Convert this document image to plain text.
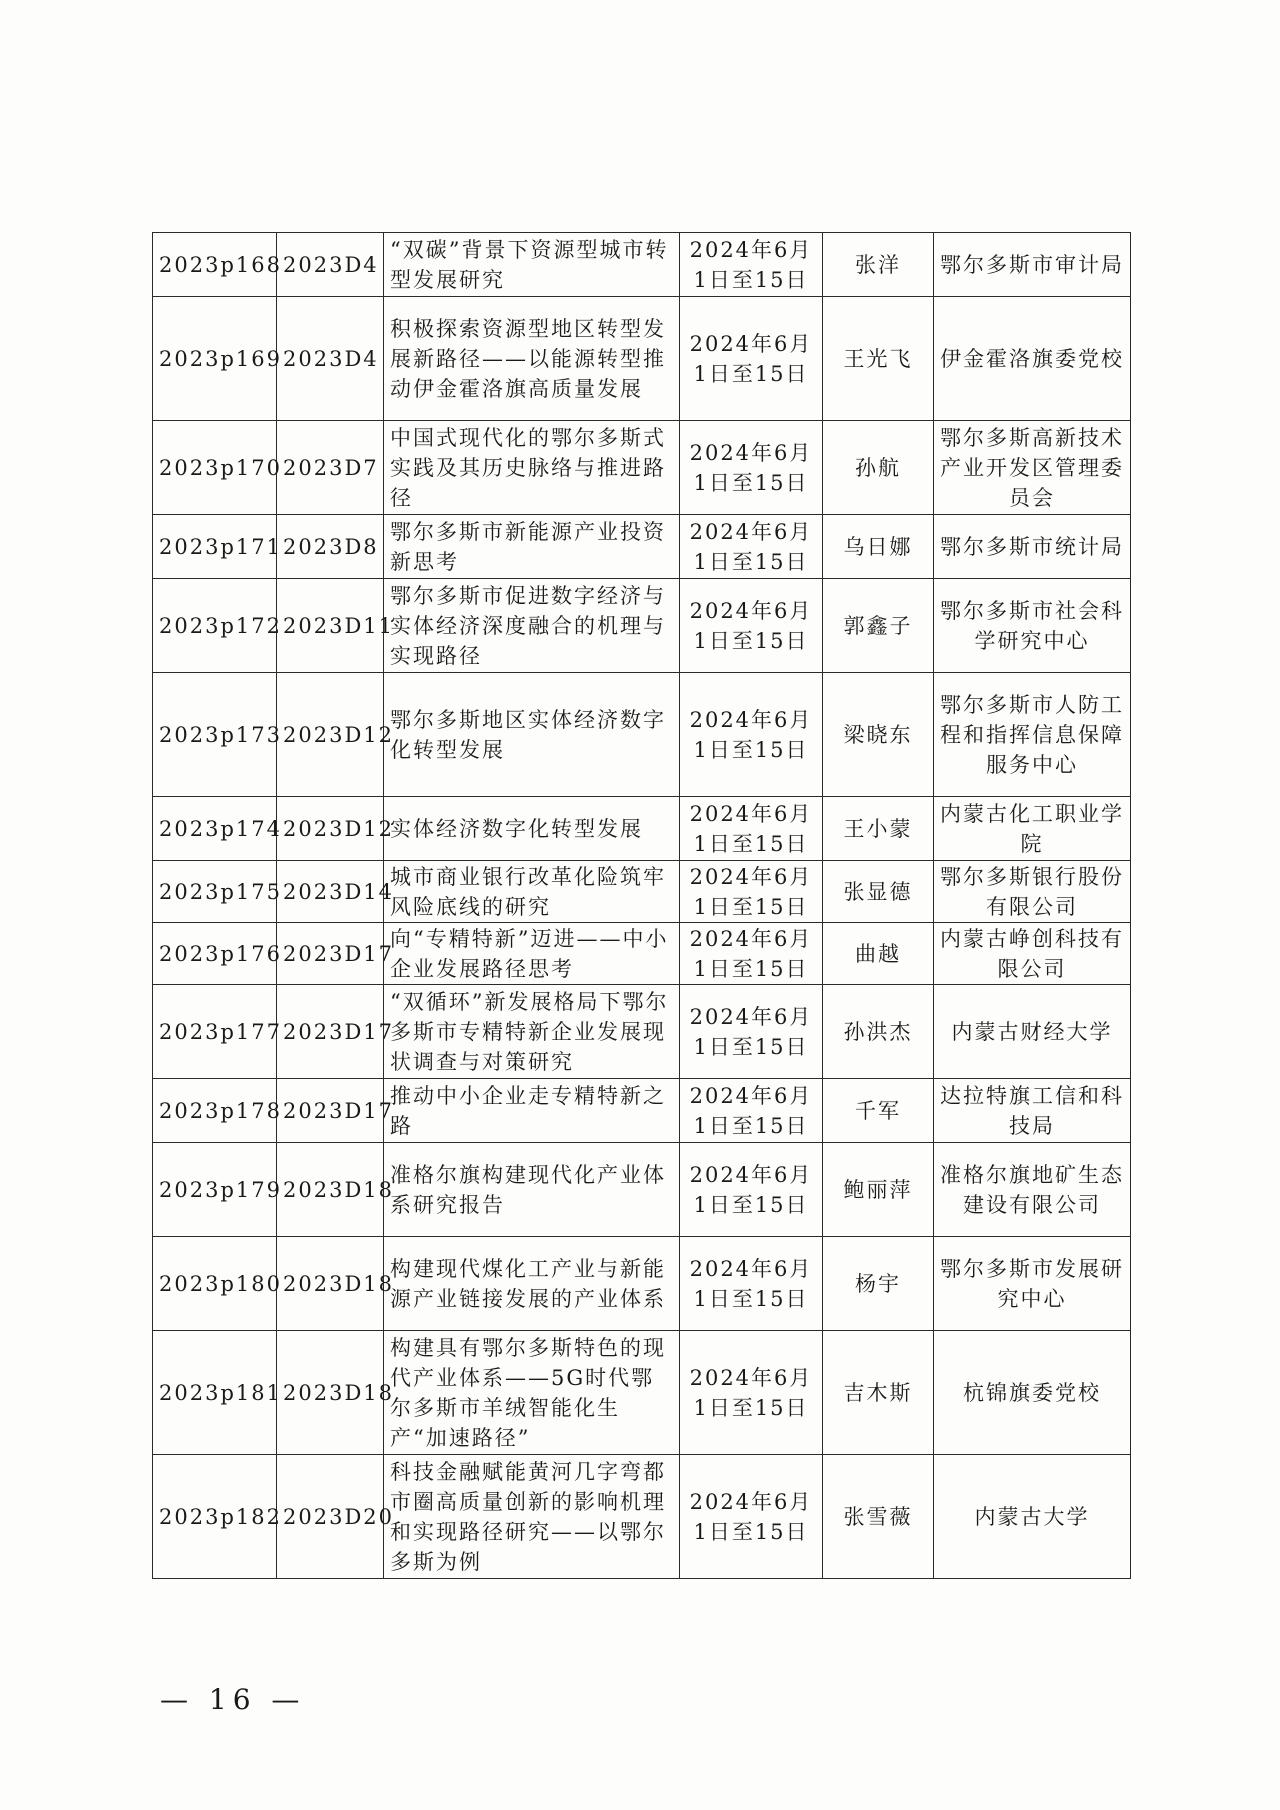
2023p168	2023D4	“双碳”背景下资源型城市转型发展研究	2024年6月1日至15日	张洋	鄂尔多斯市审计局
2023p169	2023D4	积极探索资源型地区转型发展新路径——以能源转型推动伊金霍洛旗高质量发展	2024年6月1日至15日	王光飞	伊金霍洛旗委党校
2023p170	2023D7	中国式现代化的鄂尔多斯式实践及其历史脉络与推进路径	2024年6月1日至15日	孙航	鄂尔多斯高新技术产业开发区管理委员会
2023p171	2023D8	鄂尔多斯市新能源产业投资新思考	2024年6月1日至15日	乌日娜	鄂尔多斯市统计局
2023p172	2023D11	鄂尔多斯市促进数字经济与实体经济深度融合的机理与实现路径	2024年6月1日至15日	郭鑫子	鄂尔多斯市社会科学研究中心
2023p173	2023D12	鄂尔多斯地区实体经济数字化转型发展	2024年6月1日至15日	梁晓东	鄂尔多斯市人防工程和指挥信息保障服务中心
2023p174	2023D12	实体经济数字化转型发展	2024年6月1日至15日	王小蒙	内蒙古化工职业学院
2023p175	2023D14	城市商业银行改革化险筑牢风险底线的研究	2024年6月1日至15日	张显德	鄂尔多斯银行股份有限公司
2023p176	2023D17	向“专精特新”迈进——中小企业发展路径思考	2024年6月1日至15日	曲越	内蒙古峥创科技有限公司
2023p177	2023D17	“双循环”新发展格局下鄂尔多斯市专精特新企业发展现状调查与对策研究	2024年6月1日至15日	孙洪杰	内蒙古财经大学
2023p178	2023D17	推动中小企业走专精特新之路	2024年6月1日至15日	千军	达拉特旗工信和科技局
2023p179	2023D18	准格尔旗构建现代化产业体系研究报告	2024年6月1日至15日	鲍丽萍	准格尔旗地矿生态建设有限公司
2023p180	2023D18	构建现代煤化工产业与新能源产业链接发展的产业体系	2024年6月1日至15日	杨宇	鄂尔多斯市发展研究中心
2023p181	2023D18	构建具有鄂尔多斯特色的现代产业体系——5G时代鄂尔多斯市羊绒智能化生产“加速路径”	2024年6月1日至15日	吉木斯	杭锦旗委党校
2023p182	2023D20	科技金融赋能黄河几字弯都市圈高质量创新的影响机理和实现路径研究——以鄂尔多斯为例	2024年6月1日至15日	张雪薇	内蒙古大学
— 16 —
